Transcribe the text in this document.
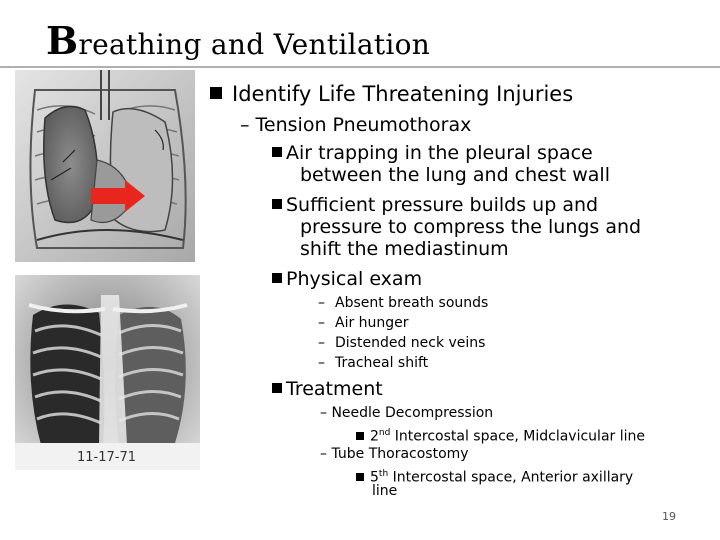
Breathing and Ventilation
11-17-71
Identify Life Threatening Injuries
– Tension Pneumothorax
Air trapping in the pleural space
between the lung and chest wall
Sufficient pressure builds up and
pressure to compress the lungs and
shift the mediastinum
Physical exam
– Absent breath sounds
– Air hunger
– Distended neck veins
– Tracheal shift
Treatment
– Needle Decompression
2nd Intercostal space, Midclavicular line
– Tube Thoracostomy
5th Intercostal space, Anterior axillary
line
19
